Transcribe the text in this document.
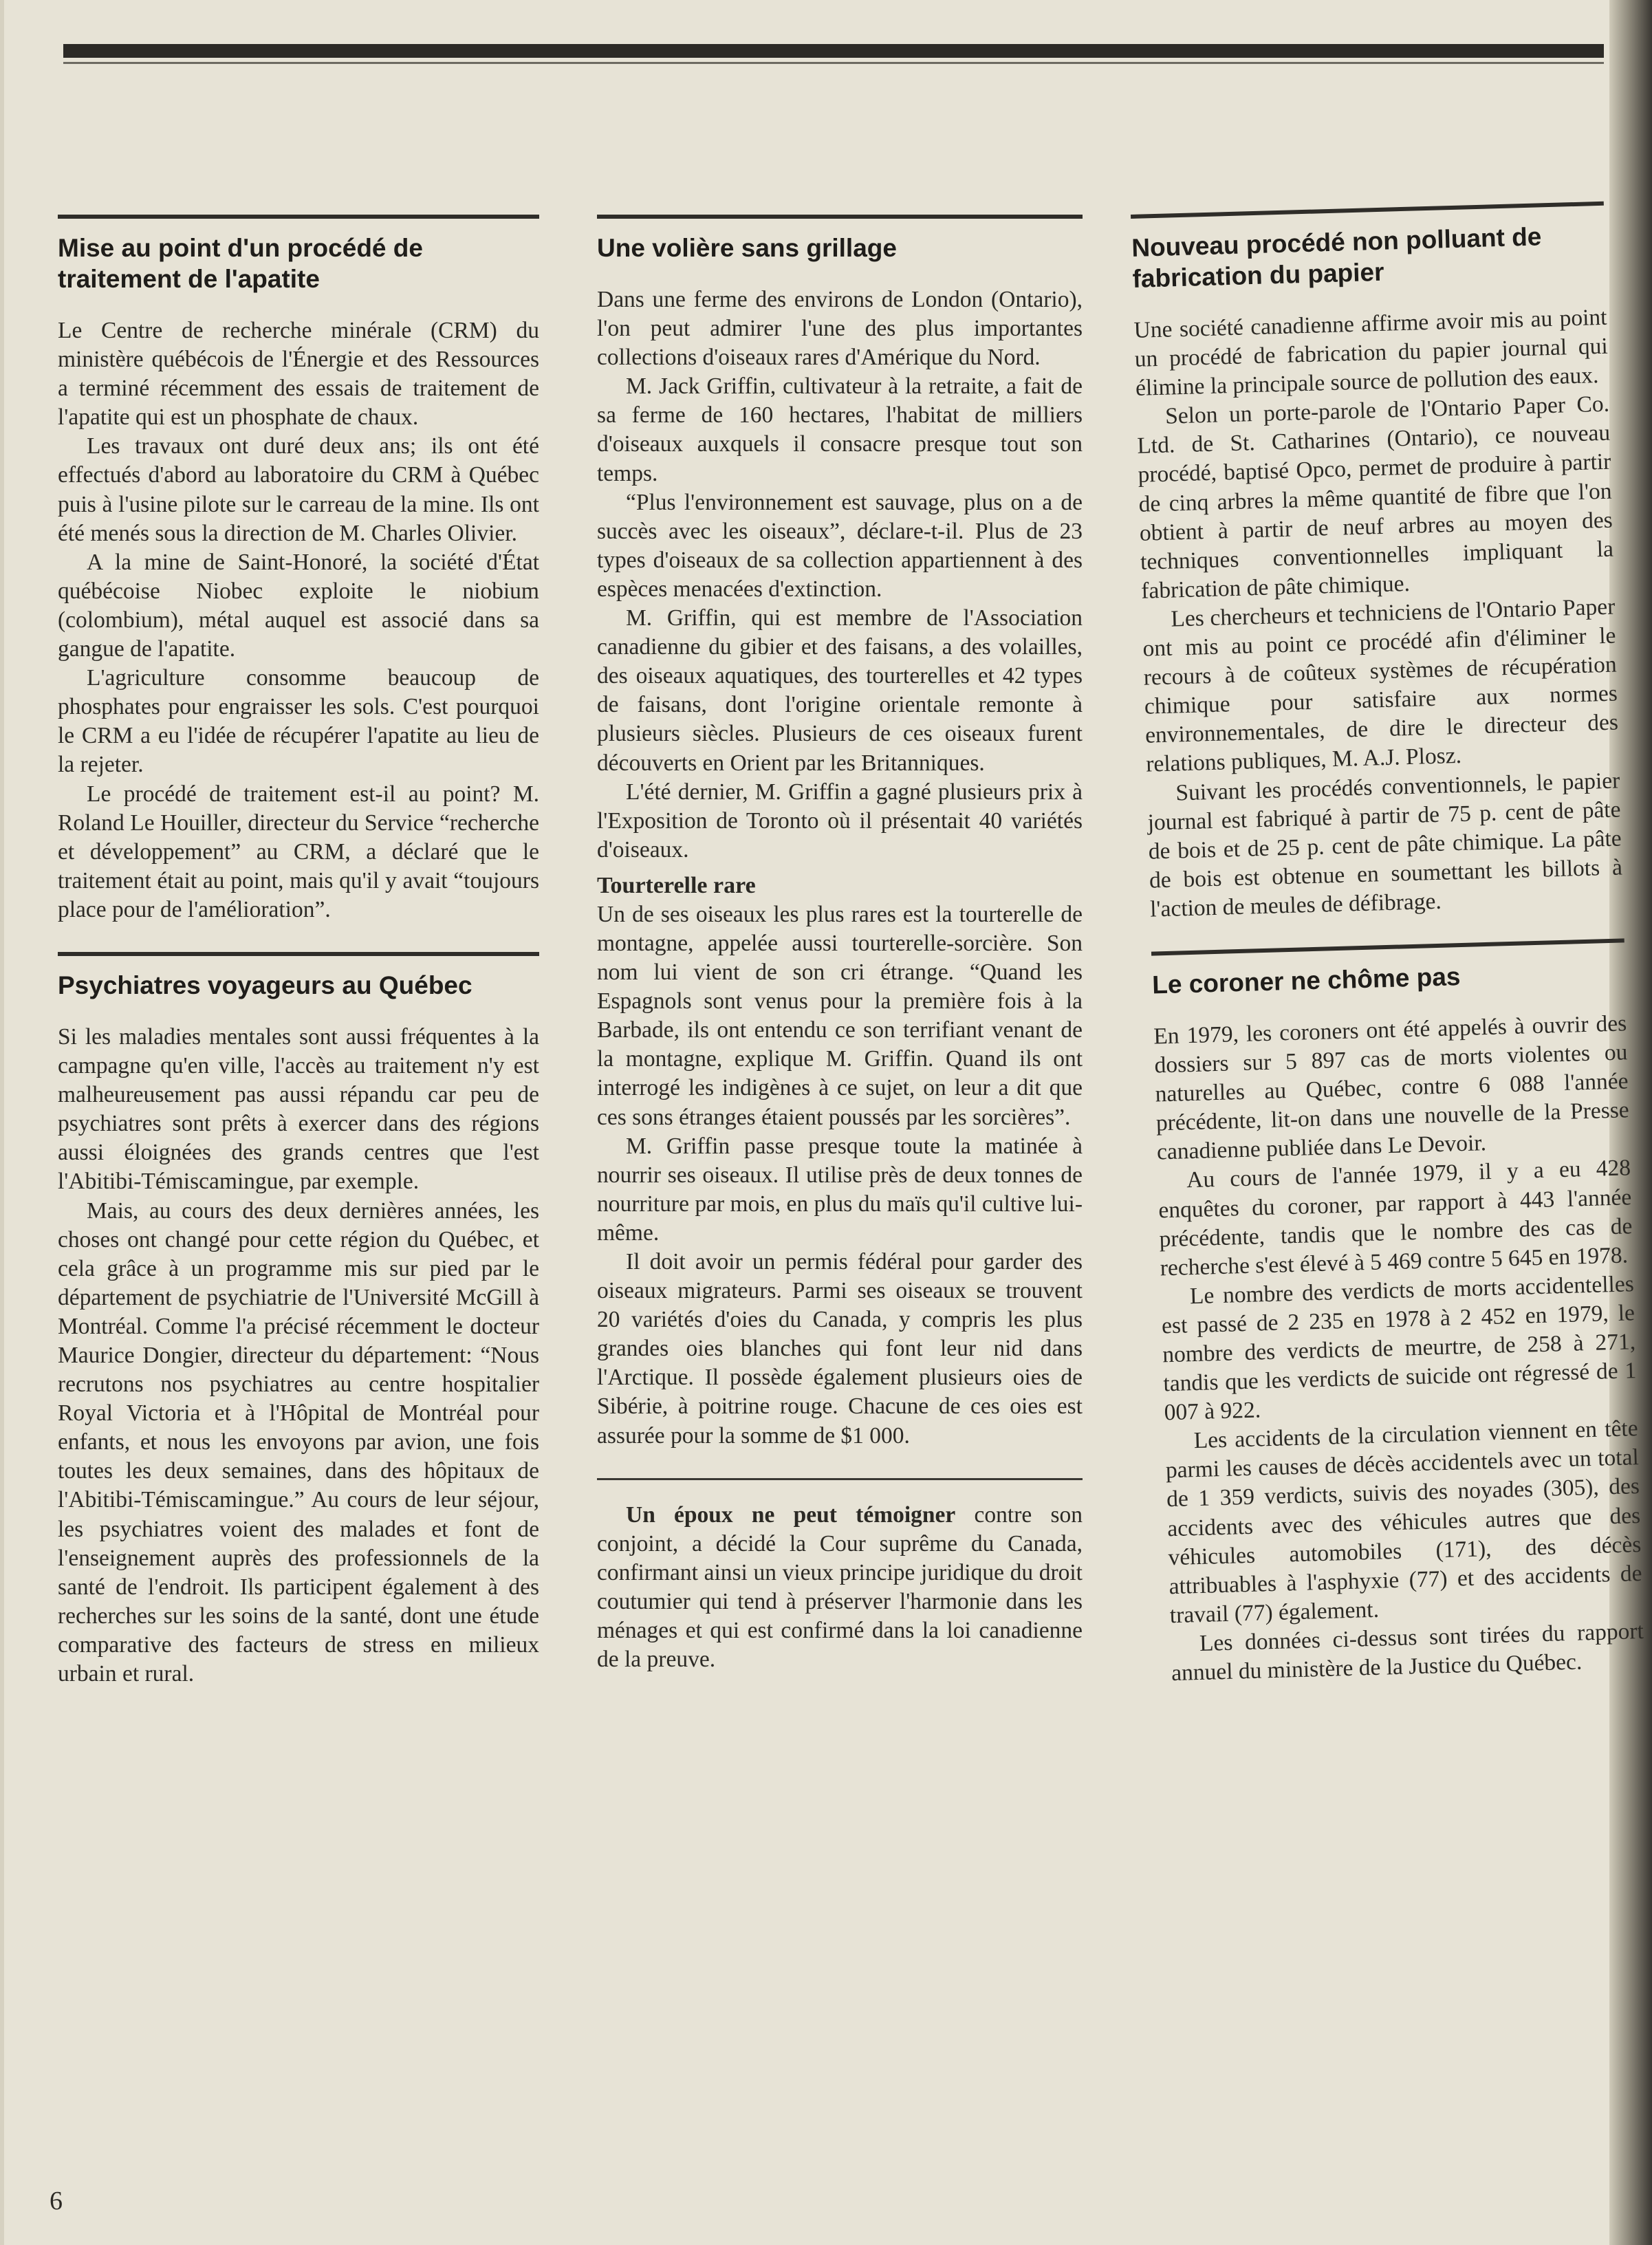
Mise au point d'un procédé de traitement de l'apatite

Le Centre de recherche minérale (CRM) du ministère québécois de l'Énergie et des Ressources a terminé récemment des essais de traitement de l'apatite qui est un phosphate de chaux.

Les travaux ont duré deux ans; ils ont été effectués d'abord au laboratoire du CRM à Québec puis à l'usine pilote sur le carreau de la mine. Ils ont été menés sous la direction de M. Charles Olivier.

A la mine de Saint-Honoré, la société d'État québécoise Niobec exploite le niobium (colombium), métal auquel est associé dans sa gangue de l'apatite.

L'agriculture consomme beaucoup de phosphates pour engraisser les sols. C'est pourquoi le CRM a eu l'idée de récupérer l'apatite au lieu de la rejeter.

Le procédé de traitement est-il au point? M. Roland Le Houiller, directeur du Service “recherche et développement” au CRM, a déclaré que le traitement était au point, mais qu'il y avait “toujours place pour de l'amélioration”.

Psychiatres voyageurs au Québec

Si les maladies mentales sont aussi fréquentes à la campagne qu'en ville, l'accès au traitement n'y est malheureusement pas aussi répandu car peu de psychiatres sont prêts à exercer dans des régions aussi éloignées des grands centres que l'est l'Abitibi-Témiscamingue, par exemple.

Mais, au cours des deux dernières années, les choses ont changé pour cette région du Québec, et cela grâce à un programme mis sur pied par le département de psychiatrie de l'Université McGill à Montréal. Comme l'a précisé récemment le docteur Maurice Dongier, directeur du département: “Nous recrutons nos psychiatres au centre hospitalier Royal Victoria et à l'Hôpital de Montréal pour enfants, et nous les envoyons par avion, une fois toutes les deux semaines, dans des hôpitaux de l'Abitibi-Témiscamingue.” Au cours de leur séjour, les psychiatres voient des malades et font de l'enseignement auprès des professionnels de la santé de l'endroit. Ils participent également à des recherches sur les soins de la santé, dont une étude comparative des facteurs de stress en milieux urbain et rural.

Une volière sans grillage

Dans une ferme des environs de London (Ontario), l'on peut admirer l'une des plus importantes collections d'oiseaux rares d'Amérique du Nord.

M. Jack Griffin, cultivateur à la retraite, a fait de sa ferme de 160 hectares, l'habitat de milliers d'oiseaux auxquels il consacre presque tout son temps.

“Plus l'environnement est sauvage, plus on a de succès avec les oiseaux”, déclare-t-il. Plus de 23 types d'oiseaux de sa collection appartiennent à des espèces menacées d'extinction.

M. Griffin, qui est membre de l'Association canadienne du gibier et des faisans, a des volailles, des oiseaux aquatiques, des tourterelles et 42 types de faisans, dont l'origine orientale remonte à plusieurs siècles. Plusieurs de ces oiseaux furent découverts en Orient par les Britanniques.

L'été dernier, M. Griffin a gagné plusieurs prix à l'Exposition de Toronto où il présentait 40 variétés d'oiseaux.

Tourterelle rare

Un de ses oiseaux les plus rares est la tourterelle de montagne, appelée aussi tourterelle-sorcière. Son nom lui vient de son cri étrange. “Quand les Espagnols sont venus pour la première fois à la Barbade, ils ont entendu ce son terrifiant venant de la montagne, explique M. Griffin. Quand ils ont interrogé les indigènes à ce sujet, on leur a dit que ces sons étranges étaient poussés par les sorcières”.

M. Griffin passe presque toute la matinée à nourrir ses oiseaux. Il utilise près de deux tonnes de nourriture par mois, en plus du maïs qu'il cultive lui-même.

Il doit avoir un permis fédéral pour garder des oiseaux migrateurs. Parmi ses oiseaux se trouvent 20 variétés d'oies du Canada, y compris les plus grandes oies blanches qui font leur nid dans l'Arctique. Il possède également plusieurs oies de Sibérie, à poitrine rouge. Chacune de ces oies est assurée pour la somme de $1 000.

Un époux ne peut témoigner contre son conjoint, a décidé la Cour suprême du Canada, confirmant ainsi un vieux principe juridique du droit coutumier qui tend à préserver l'harmonie dans les ménages et qui est confirmé dans la loi canadienne de la preuve.

Nouveau procédé non polluant de fabrication du papier

Une société canadienne affirme avoir mis au point un procédé de fabrication du papier journal qui élimine la principale source de pollution des eaux.

Selon un porte-parole de l'Ontario Paper Co. Ltd. de St. Catharines (Ontario), ce nouveau procédé, baptisé Opco, permet de produire à partir de cinq arbres la même quantité de fibre que l'on obtient à partir de neuf arbres au moyen des techniques conventionnelles impliquant la fabrication de pâte chimique.

Les chercheurs et techniciens de l'Ontario Paper ont mis au point ce procédé afin d'éliminer le recours à de coûteux systèmes de récupération chimique pour satisfaire aux normes environnementales, de dire le directeur des relations publiques, M. A.J. Plosz.

Suivant les procédés conventionnels, le papier journal est fabriqué à partir de 75 p. cent de pâte de bois et de 25 p. cent de pâte chimique. La pâte de bois est obtenue en soumettant les billots à l'action de meules de défibrage.

Le coroner ne chôme pas

En 1979, les coroners ont été appelés à ouvrir des dossiers sur 5 897 cas de morts violentes ou naturelles au Québec, contre 6 088 l'année précédente, lit-on dans une nouvelle de la Presse canadienne publiée dans Le Devoir.

Au cours de l'année 1979, il y a eu 428 enquêtes du coroner, par rapport à 443 l'année précédente, tandis que le nombre des cas de recherche s'est élevé à 5 469 contre 5 645 en 1978.

Le nombre des verdicts de morts accidentelles est passé de 2 235 en 1978 à 2 452 en 1979, le nombre des verdicts de meurtre, de 258 à 271, tandis que les verdicts de suicide ont régressé de 1 007 à 922.

Les accidents de la circulation viennent en tête parmi les causes de décès accidentels avec un total de 1 359 verdicts, suivis des noyades (305), des accidents avec des véhicules autres que des véhicules automobiles (171), des décès attribuables à l'asphyxie (77) et des accidents de travail (77) également.

Les données ci-dessus sont tirées du rapport annuel du ministère de la Justice du Québec.

6
